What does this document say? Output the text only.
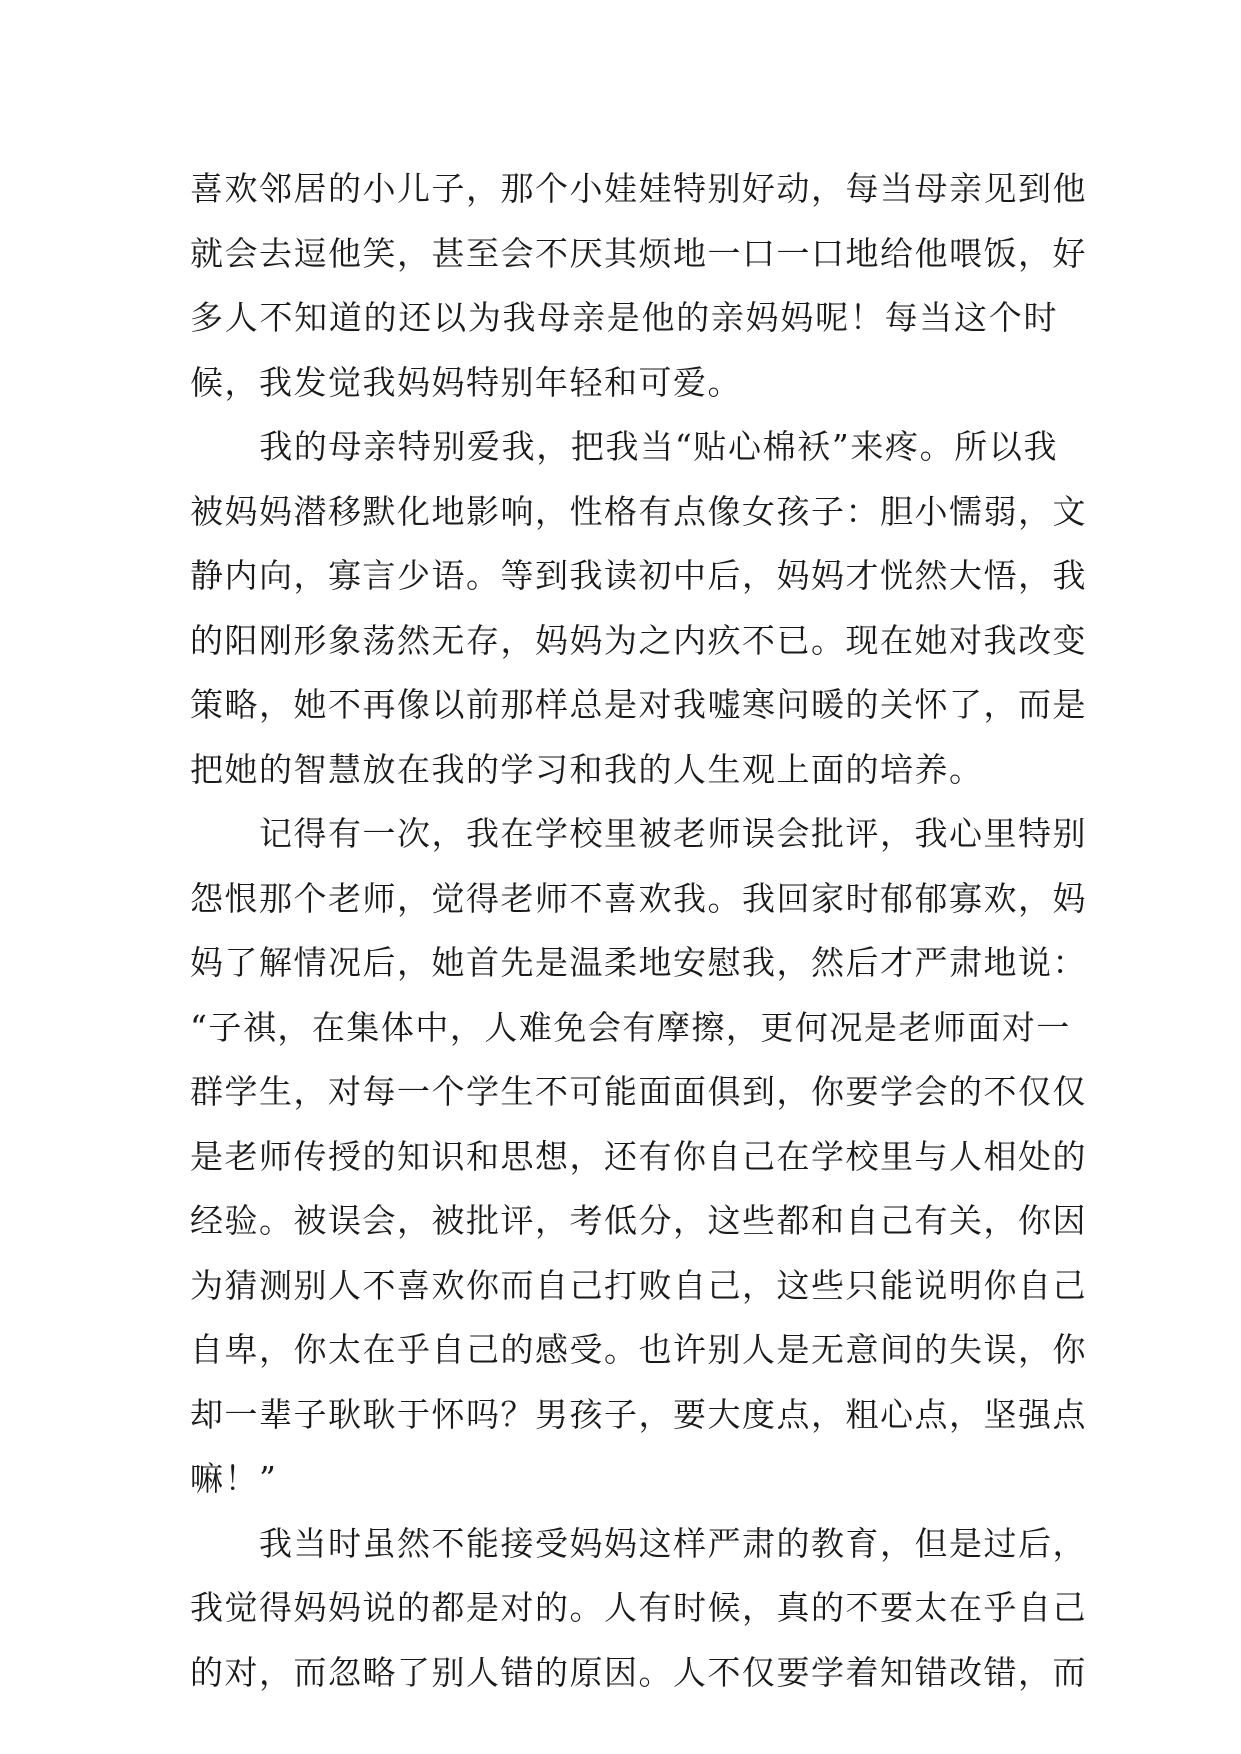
喜欢邻居的小儿子，那个小娃娃特别好动，每当母亲见到他
就会去逗他笑，甚至会不厌其烦地一口一口地给他喂饭，好
多人不知道的还以为我母亲是他的亲妈妈呢！每当这个时
候，我发觉我妈妈特别年轻和可爱。
　　我的母亲特别爱我，把我当“贴心棉袄”来疼。所以我
被妈妈潜移默化地影响，性格有点像女孩子：胆小懦弱，文
静内向，寡言少语。等到我读初中后，妈妈才恍然大悟，我
的阳刚形象荡然无存，妈妈为之内疚不已。现在她对我改变
策略，她不再像以前那样总是对我嘘寒问暖的关怀了，而是
把她的智慧放在我的学习和我的人生观上面的培养。
　　记得有一次，我在学校里被老师误会批评，我心里特别
怨恨那个老师，觉得老师不喜欢我。我回家时郁郁寡欢，妈
妈了解情况后，她首先是温柔地安慰我，然后才严肃地说：
“子祺，在集体中，人难免会有摩擦，更何况是老师面对一
群学生，对每一个学生不可能面面俱到，你要学会的不仅仅
是老师传授的知识和思想，还有你自己在学校里与人相处的
经验。被误会，被批评，考低分，这些都和自己有关，你因
为猜测别人不喜欢你而自己打败自己，这些只能说明你自己
自卑，你太在乎自己的感受。也许别人是无意间的失误，你
却一辈子耿耿于怀吗？男孩子，要大度点，粗心点，坚强点
嘛！”
　　我当时虽然不能接受妈妈这样严肃的教育，但是过后，
我觉得妈妈说的都是对的。人有时候，真的不要太在乎自己
的对，而忽略了别人错的原因。人不仅要学着知错改错，而
